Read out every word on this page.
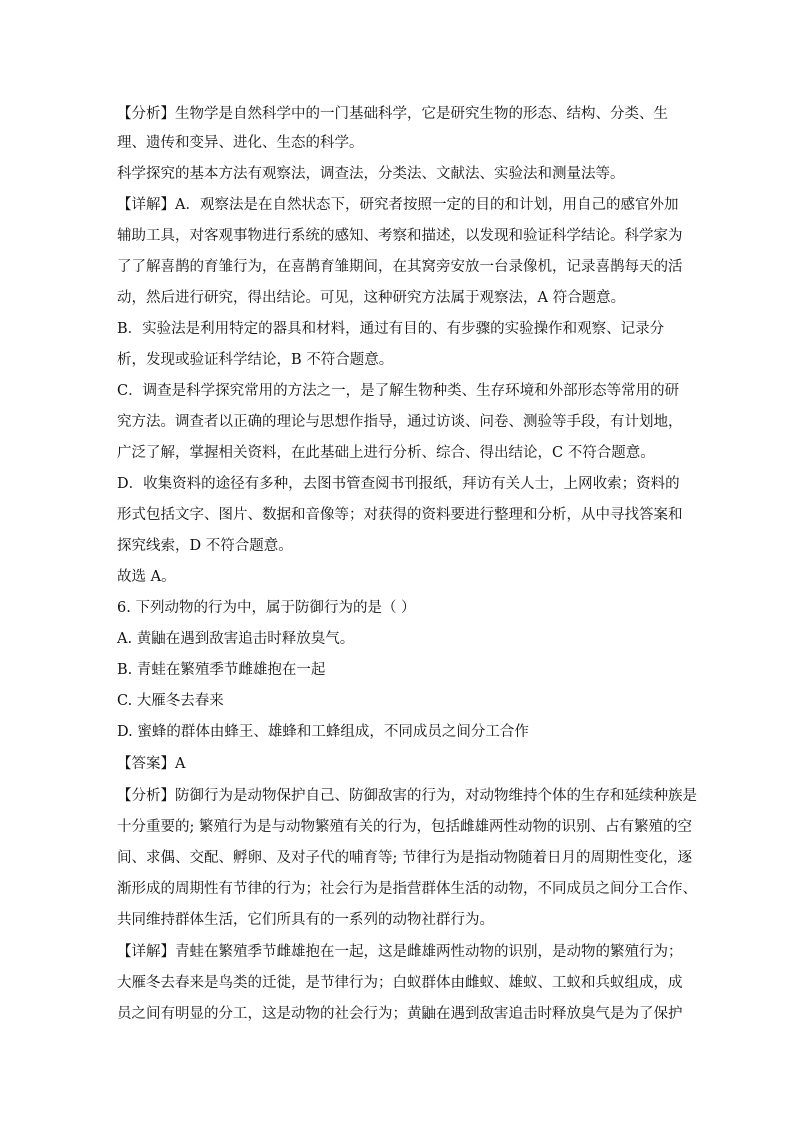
【分析】生物学是自然科学中的一门基础科学，它是研究生物的形态、结构、分类、生
理、遗传和变异、进化、生态的科学。
科学探究的基本方法有观察法，调查法，分类法、文献法、实验法和测量法等。
【详解】A．观察法是在自然状态下，研究者按照一定的目的和计划，用自己的感官外加
辅助工具，对客观事物进行系统的感知、考察和描述，以发现和验证科学结论。科学家为
了了解喜鹊的育雏行为，在喜鹊育雏期间，在其窝旁安放一台录像机，记录喜鹊每天的活
动，然后进行研究，得出结论。可见，这种研究方法属于观察法，A 符合题意。
B．实验法是利用特定的器具和材料，通过有目的、有步骤的实验操作和观察、记录分
析，发现或验证科学结论，B 不符合题意。
C．调查是科学探究常用的方法之一，是了解生物种类、生存环境和外部形态等常用的研
究方法。调查者以正确的理论与思想作指导，通过访谈、问卷、测验等手段，有计划地，
广泛了解，掌握相关资料，在此基础上进行分析、综合、得出结论，C 不符合题意。
D．收集资料的途径有多种，去图书管查阅书刊报纸，拜访有关人士，上网收索；资料的
形式包括文字、图片、数据和音像等；对获得的资料要进行整理和分析，从中寻找答案和
探究线索，D 不符合题意。
故选 A。
6. 下列动物的行为中，属于防御行为的是（ ）
A. 黄鼬在遇到敌害追击时释放臭气。
B. 青蛙在繁殖季节雌雄抱在一起
C. 大雁冬去春来
D. 蜜蜂的群体由蜂王、雄蜂和工蜂组成，不同成员之间分工合作
【答案】A
【分析】防御行为是动物保护自己、防御敌害的行为，对动物维持个体的生存和延续种族是
十分重要的; 繁殖行为是与动物繁殖有关的行为，包括雌雄两性动物的识别、占有繁殖的空
间、求偶、交配、孵卵、及对子代的哺育等; 节律行为是指动物随着日月的周期性变化，逐
渐形成的周期性有节律的行为；社会行为是指营群体生活的动物，不同成员之间分工合作、
共同维持群体生活，它们所具有的一系列的动物社群行为。
【详解】青蛙在繁殖季节雌雄抱在一起，这是雌雄两性动物的识别，是动物的繁殖行为；
大雁冬去春来是鸟类的迁徙，是节律行为；白蚁群体由雌蚁、雄蚁、工蚁和兵蚁组成，成
员之间有明显的分工，这是动物的社会行为；黄鼬在遇到敌害追击时释放臭气是为了保护
